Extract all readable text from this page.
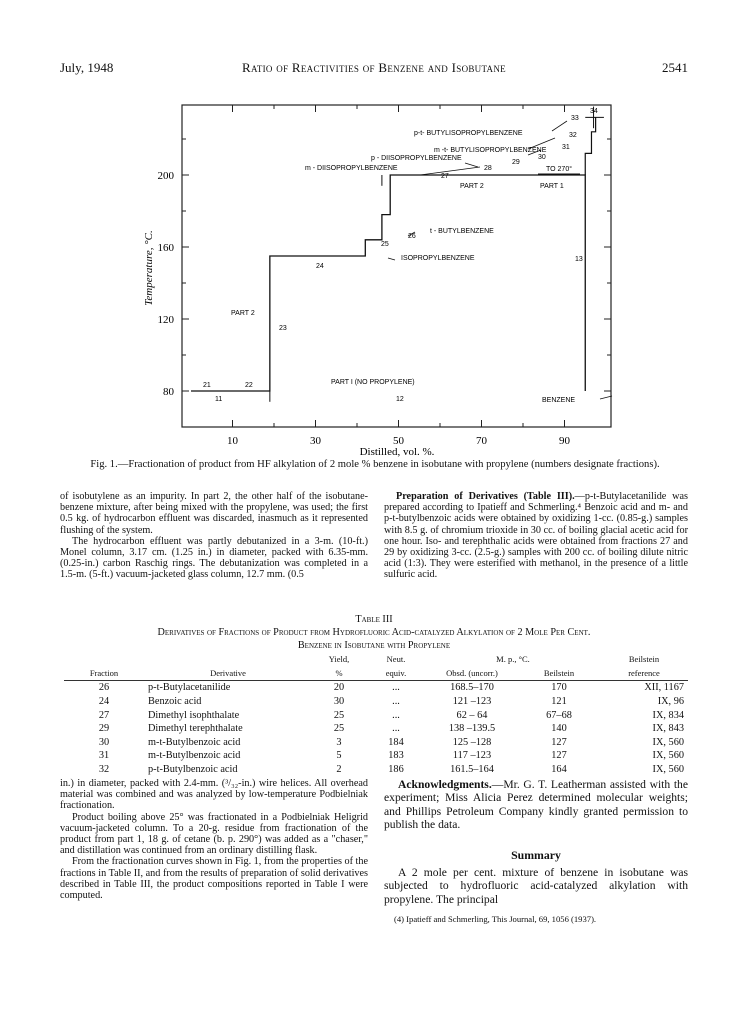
July, 1948	Ratio of Reactivities of Benzene and Isobutane	2541
10	30	50	70	90
80
120
160
200
Temperature, °C.
Distilled, vol. %.
p-t- BUTYLISOPROPYLBENZENE
m -t- BUTYLISOPROPYLBENZENE
p - DIISOPROPYLBENZENE
m - DIISOPROPYLBENZENE
PART 2	PART 1
t - BUTYLBENZENE
ISOPROPYLBENZENE
PART 2
PART I (NO PROPYLENE)
BENZENE
TO 270°
33
34
32
31
30
29
28
27
26
25
24
23
21	22
11	12
13
Fig. 1.—Fractionation of product from HF alkylation of 2 mole % benzene in isobutane with propylene (numbers designate fractions).

of isobutylene as an impurity. In part 2, the other half of the isobutane-benzene mixture, after being mixed with the propylene, was used; the first 0.5 kg. of hydrocarbon effluent was discarded, inasmuch as it represented flushing of the system.

The hydrocarbon effluent was partly debutanized in a 3-m. (10-ft.) Monel column, 3.17 cm. (1.25 in.) in diameter, packed with 6.35-mm. (0.25-in.) carbon Raschig rings. The debutanization was completed in a 1.5-m. (5-ft.) vacuum-jacketed glass column, 12.7 mm. (0.5

Preparation of Derivatives (Table III).—p-t-Butylacetanilide was prepared according to Ipatieff and Schmerling.⁴ Benzoic acid and m- and p-t-butylbenzoic acids were obtained by oxidizing 1-cc. (0.85-g.) samples with 8.5 g. of chromium trioxide in 30 cc. of boiling glacial acetic acid for one hour. Iso- and terephthalic acids were obtained from fractions 27 and 29 by oxidizing 3-cc. (2.5-g.) samples with 200 cc. of boiling dilute nitric acid (1:3). They were esterified with methanol, in the presence of a little sulfuric acid.

Table III
Derivatives of Fractions of Product from Hydrofluoric Acid-catalyzed Alkylation of 2 Mole Per Cent.
Benzene in Isobutane with Propylene
		Yield,	Neut.	M. p., °C.		Beilstein
Fraction	Derivative	%	equiv.	Obsd. (uncorr.)	Beilstein	reference
26	p-t-Butylacetanilide	20	...	168.5–170	170	XII, 1167
24	Benzoic acid	30	...	121 –123	121	IX, 96
27	Dimethyl isophthalate	25	...	62 – 64	67–68	IX, 834
29	Dimethyl terephthalate	25	...	138 –139.5	140	IX, 843
30	m-t-Butylbenzoic acid	3	184	125 –128	127	IX, 560
31	m-t-Butylbenzoic acid	5	183	117 –123	127	IX, 560
32	p-t-Butylbenzoic acid	2	186	161.5–164	164	IX, 560

in.) in diameter, packed with 2.4-mm. (³/₃₂-in.) wire helices. All overhead material was combined and was analyzed by low-temperature Podbielniak fractionation.

Product boiling above 25° was fractionated in a Podbielniak Heligrid vacuum-jacketed column. To a 20-g. residue from fractionation of the product from part 1, 18 g. of cetane (b. p. 290°) was added as a "chaser," and distillation was continued from an ordinary distilling flask.

From the fractionation curves shown in Fig. 1, from the properties of the fractions in Table II, and from the results of preparation of solid derivatives described in Table III, the product compositions reported in Table I were computed.

Acknowledgments.—Mr. G. T. Leatherman assisted with the experiment; Miss Alicia Perez determined molecular weights; and Phillips Petroleum Company kindly granted permission to publish the data.

Summary

A 2 mole per cent. mixture of benzene in isobutane was subjected to hydrofluoric acid-catalyzed alkylation with propylene. The principal

(4) Ipatieff and Schmerling, This Journal, 69, 1056 (1937).
